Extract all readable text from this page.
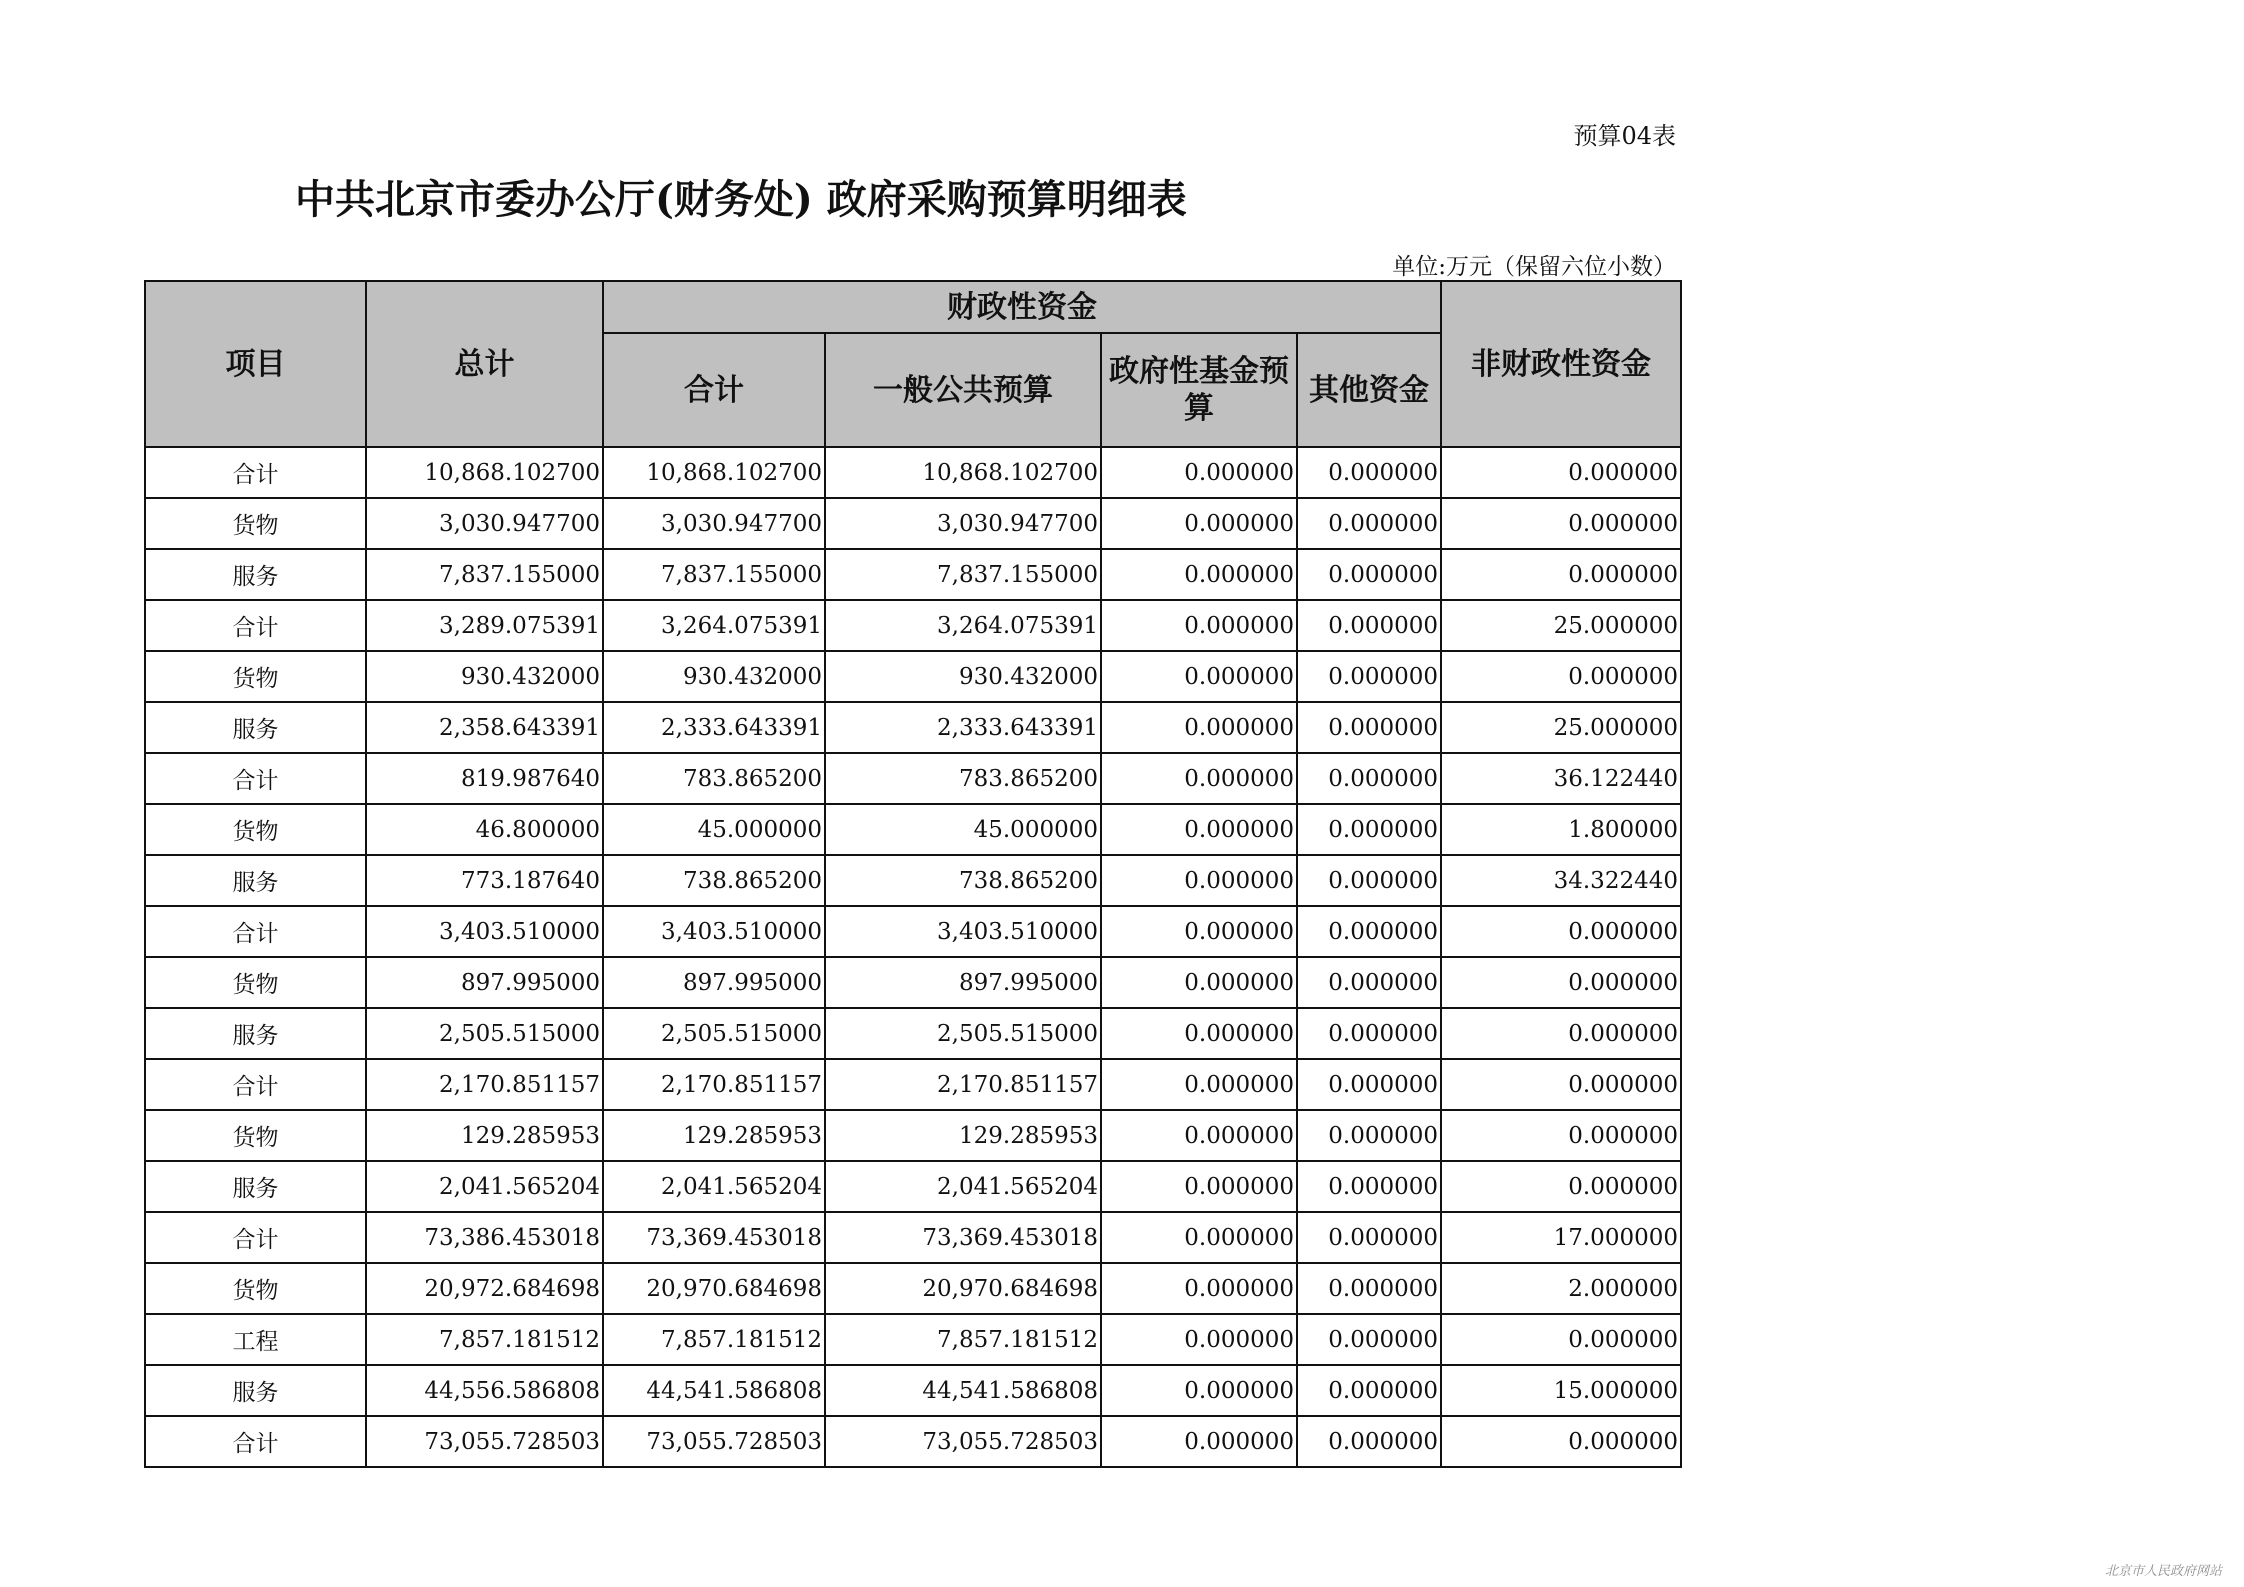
预算04表
中共北京市委办公厅(财务处) 政府采购预算明细表
单位:万元（保留六位小数）
项目	总计	财政性资金				非财政性资金
		合计	一般公共预算	政府性基金预算	其他资金	
合计	10,868.102700	10,868.102700	10,868.102700	0.000000	0.000000	0.000000
货物	3,030.947700	3,030.947700	3,030.947700	0.000000	0.000000	0.000000
服务	7,837.155000	7,837.155000	7,837.155000	0.000000	0.000000	0.000000
合计	3,289.075391	3,264.075391	3,264.075391	0.000000	0.000000	25.000000
货物	930.432000	930.432000	930.432000	0.000000	0.000000	0.000000
服务	2,358.643391	2,333.643391	2,333.643391	0.000000	0.000000	25.000000
合计	819.987640	783.865200	783.865200	0.000000	0.000000	36.122440
货物	46.800000	45.000000	45.000000	0.000000	0.000000	1.800000
服务	773.187640	738.865200	738.865200	0.000000	0.000000	34.322440
合计	3,403.510000	3,403.510000	3,403.510000	0.000000	0.000000	0.000000
货物	897.995000	897.995000	897.995000	0.000000	0.000000	0.000000
服务	2,505.515000	2,505.515000	2,505.515000	0.000000	0.000000	0.000000
合计	2,170.851157	2,170.851157	2,170.851157	0.000000	0.000000	0.000000
货物	129.285953	129.285953	129.285953	0.000000	0.000000	0.000000
服务	2,041.565204	2,041.565204	2,041.565204	0.000000	0.000000	0.000000
合计	73,386.453018	73,369.453018	73,369.453018	0.000000	0.000000	17.000000
货物	20,972.684698	20,970.684698	20,970.684698	0.000000	0.000000	2.000000
工程	7,857.181512	7,857.181512	7,857.181512	0.000000	0.000000	0.000000
服务	44,556.586808	44,541.586808	44,541.586808	0.000000	0.000000	15.000000
合计	73,055.728503	73,055.728503	73,055.728503	0.000000	0.000000	0.000000
北京市人民政府网站
